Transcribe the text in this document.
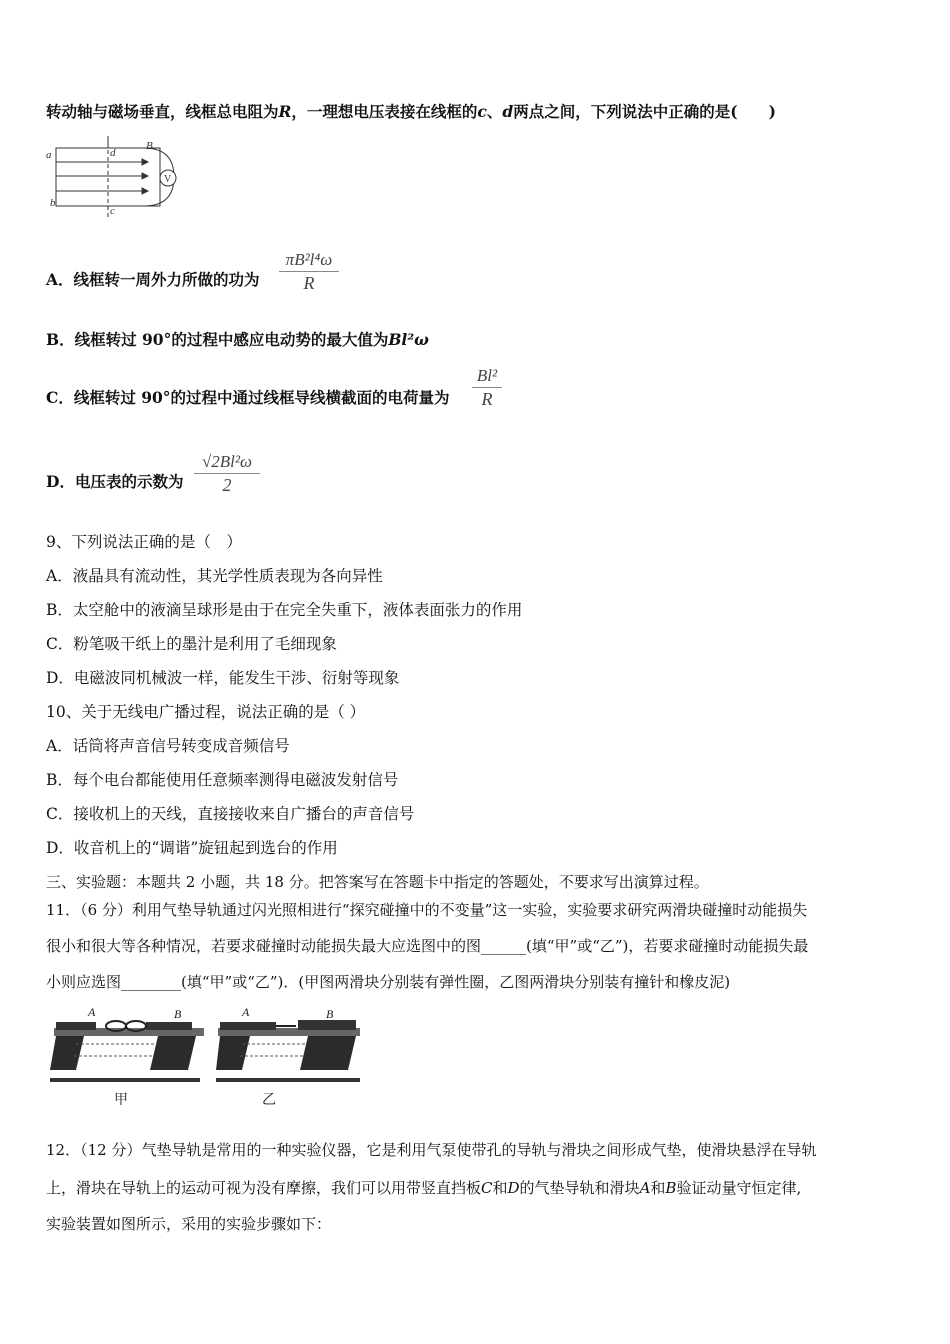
转动轴与磁场垂直，线框总电阻为R，一理想电压表接在线框的c、d两点之间，下列说法中正确的是(　　)
a
b
d
c
B
V
A．线框转一周外力所做的功为
πB²l⁴ω
R
B．线框转过 90°的过程中感应电动势的最大值为Bl²ω
C．线框转过 90°的过程中通过线框导线横截面的电荷量为
Bl²
R
D．电压表的示数为
√2Bl²ω
2
9、下列说法正确的是（　）
A．液晶具有流动性，其光学性质表现为各向异性
B．太空舱中的液滴呈球形是由于在完全失重下，液体表面张力的作用
C．粉笔吸干纸上的墨汁是利用了毛细现象
D．电磁波同机械波一样，能发生干涉、衍射等现象
10、关于无线电广播过程，说法正确的是（ ）
A．话筒将声音信号转变成音频信号
B．每个电台都能使用任意频率测得电磁波发射信号
C．接收机上的天线，直接接收来自广播台的声音信号
D．收音机上的“调谐”旋钮起到选台的作用
三、实验题：本题共 2 小题，共 18 分。把答案写在答题卡中指定的答题处，不要求写出演算过程。
11．（6 分）利用气垫导轨通过闪光照相进行“探究碰撞中的不变量”这一实验，实验要求研究两滑块碰撞时动能损失
很小和很大等各种情况，若要求碰撞时动能损失最大应选图中的图______(填“甲”或“乙”)，若要求碰撞时动能损失最
小则应选图________(填“甲”或“乙”)．(甲图两滑块分别装有弹性圈，乙图两滑块分别装有撞针和橡皮泥)
A	B
甲
A	B
乙
12．（12 分）气垫导轨是常用的一种实验仪器，它是利用气泵使带孔的导轨与滑块之间形成气垫，使滑块悬浮在导轨
上，滑块在导轨上的运动可视为没有摩擦，我们可以用带竖直挡板C和D的气垫导轨和滑块A和B验证动量守恒定律,
实验装置如图所示，采用的实验步骤如下：
